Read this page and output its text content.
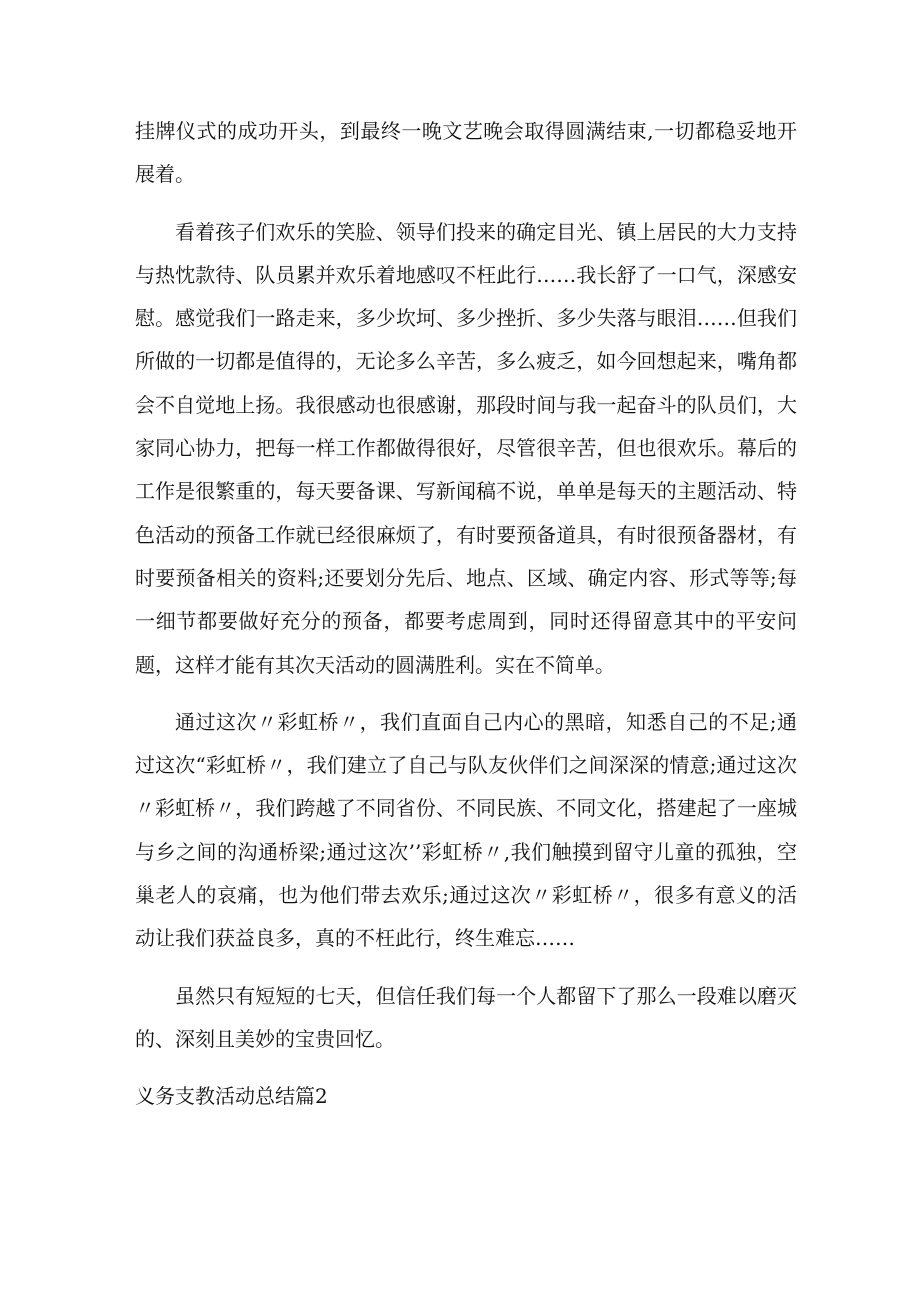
挂牌仪式的成功开头，到最终一晚文艺晚会取得圆满结束,一切都稳妥地开展着。

看着孩子们欢乐的笑脸、领导们投来的确定目光、镇上居民的大力支持与热忱款待、队员累并欢乐着地感叹不枉此行……我长舒了一口气，深感安慰。感觉我们一路走来，多少坎坷、多少挫折、多少失落与眼泪……但我们所做的一切都是值得的，无论多么辛苦，多么疲乏，如今回想起来，嘴角都会不自觉地上扬。我很感动也很感谢，那段时间与我一起奋斗的队员们，大家同心协力，把每一样工作都做得很好，尽管很辛苦，但也很欢乐。幕后的工作是很繁重的，每天要备课、写新闻稿不说，单单是每天的主题活动、特色活动的预备工作就已经很麻烦了，有时要预备道具，有时很预备器材，有时要预备相关的资料;还要划分先后、地点、区域、确定内容、形式等等;每一细节都要做好充分的预备，都要考虑周到，同时还得留意其中的平安问题，这样才能有其次天活动的圆满胜利。实在不简单。

通过这次〃彩虹桥〃，我们直面自己内心的黑暗，知悉自己的不足;通过这次“彩虹桥〃，我们建立了自己与队友伙伴们之间深深的情意;通过这次〃彩虹桥〃，我们跨越了不同省份、不同民族、不同文化，搭建起了一座城与乡之间的沟通桥梁;通过这次’’彩虹桥〃,我们触摸到留守儿童的孤独，空巢老人的哀痛，也为他们带去欢乐;通过这次〃彩虹桥〃，很多有意义的活动让我们获益良多，真的不枉此行，终生难忘……

虽然只有短短的七天，但信任我们每一个人都留下了那么一段难以磨灭的、深刻且美妙的宝贵回忆。

义务支教活动总结篇2
